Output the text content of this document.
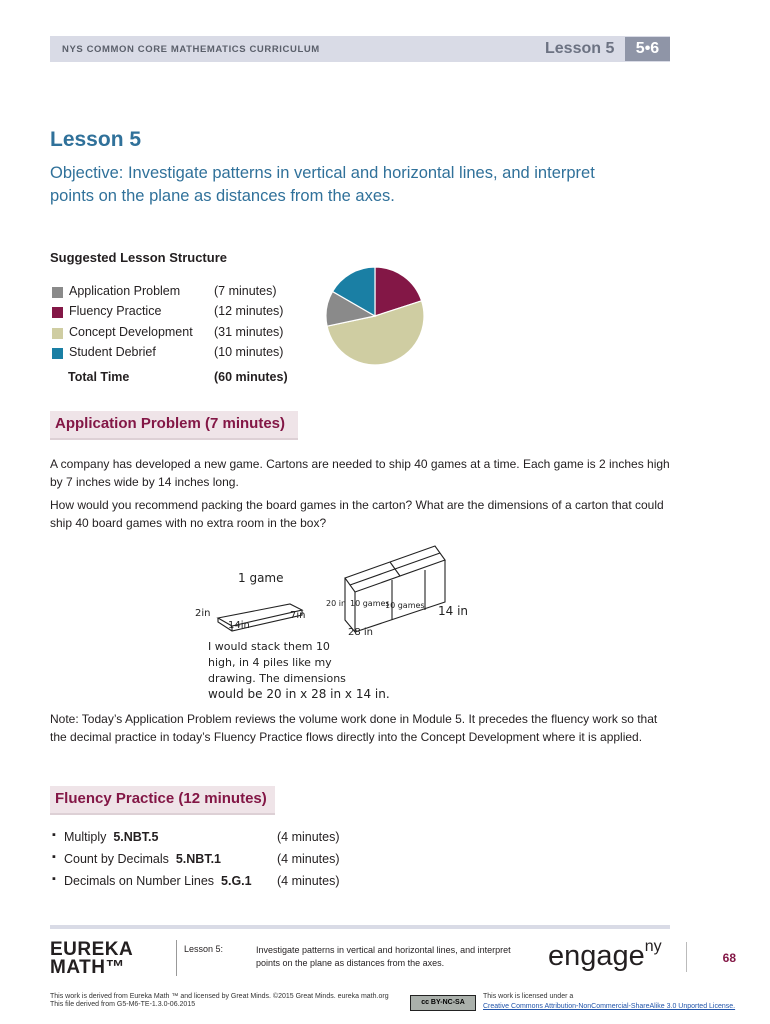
NYS COMMON CORE MATHEMATICS CURRICULUM	Lesson 5	5•6
Lesson 5
Objective: Investigate patterns in vertical and horizontal lines, and interpret points on the plane as distances from the axes.
Suggested Lesson Structure
Application Problem	(7 minutes)
Fluency Practice	(12 minutes)
Concept Development (31 minutes)
Student Debrief	(10 minutes)
Total Time	(60 minutes)
Application Problem (7 minutes)
A company has developed a new game. Cartons are needed to ship 40 games at a time. Each game is 2 inches high by 7 inches wide by 14 inches long.
How would you recommend packing the board games in the carton? What are the dimensions of a carton that could ship 40 board games with no extra room in the box?
1 game
2in	7in
14in
20 in 10 games
10 games
28 in
14 in
I would stack them 10
high, in 4 piles like my
drawing. The dimensions
would be 20 in x 28 in x 14 in.
Note: Today’s Application Problem reviews the volume work done in Module 5. It precedes the fluency work so that the decimal practice in today’s Fluency Practice flows directly into the Concept Development where it is applied.
Fluency Practice (12 minutes)
▪ Multiply 5.NBT.5	(4 minutes)
▪ Count by Decimals 5.NBT.1	(4 minutes)
▪ Decimals on Number Lines 5.G.1 (4 minutes)
EUREKA
MATH™
Lesson 5:	Investigate patterns in vertical and horizontal lines, and interpret points on the plane as distances from the axes.	engage$^{ny}$
68
This work is derived from Eureka Math ™ and licensed by Great Minds. ©2015 Great Minds. eureka math.org
This file derived from G5-M6-TE-1.3.0-06.2015	cc BY-NC-SA
This work is licensed under a
Creative Commons Attribution-NonCommercial-ShareAlike 3.0 Unported License.
